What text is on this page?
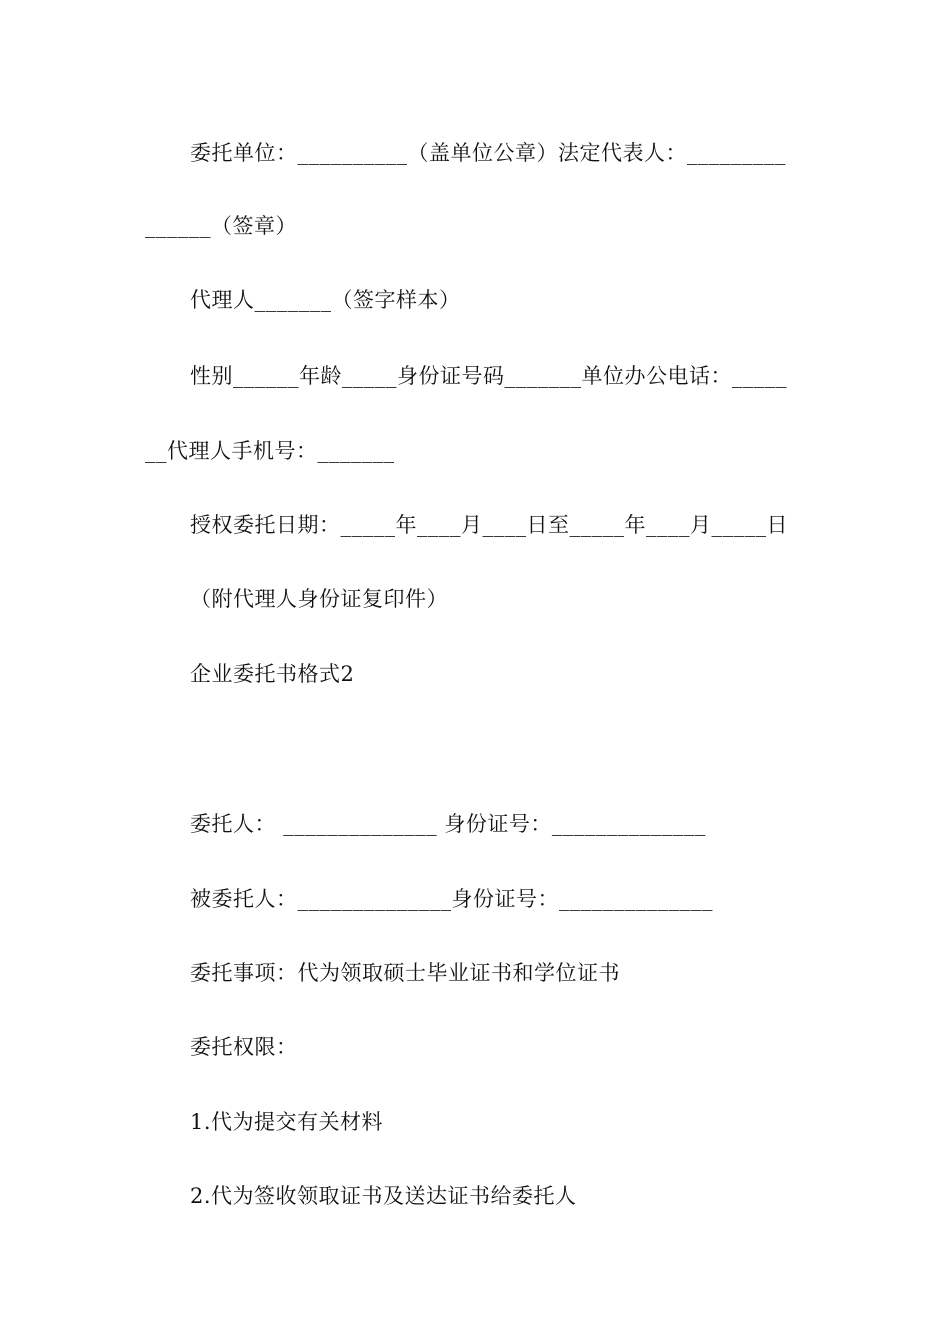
委托单位：__________（盖单位公章）法定代表人：_________
______（签章）
代理人_______（签字样本）
性别______年龄_____身份证号码_______单位办公电话：_____
__代理人手机号：_______
授权委托日期：_____年____月____日至_____年____月_____日
（附代理人身份证复印件）
企业委托书格式2
委托人： ______________ 身份证号：______________
被委托人：______________身份证号：______________
委托事项：代为领取硕士毕业证书和学位证书
委托权限：
1.代为提交有关材料
2.代为签收领取证书及送达证书给委托人
